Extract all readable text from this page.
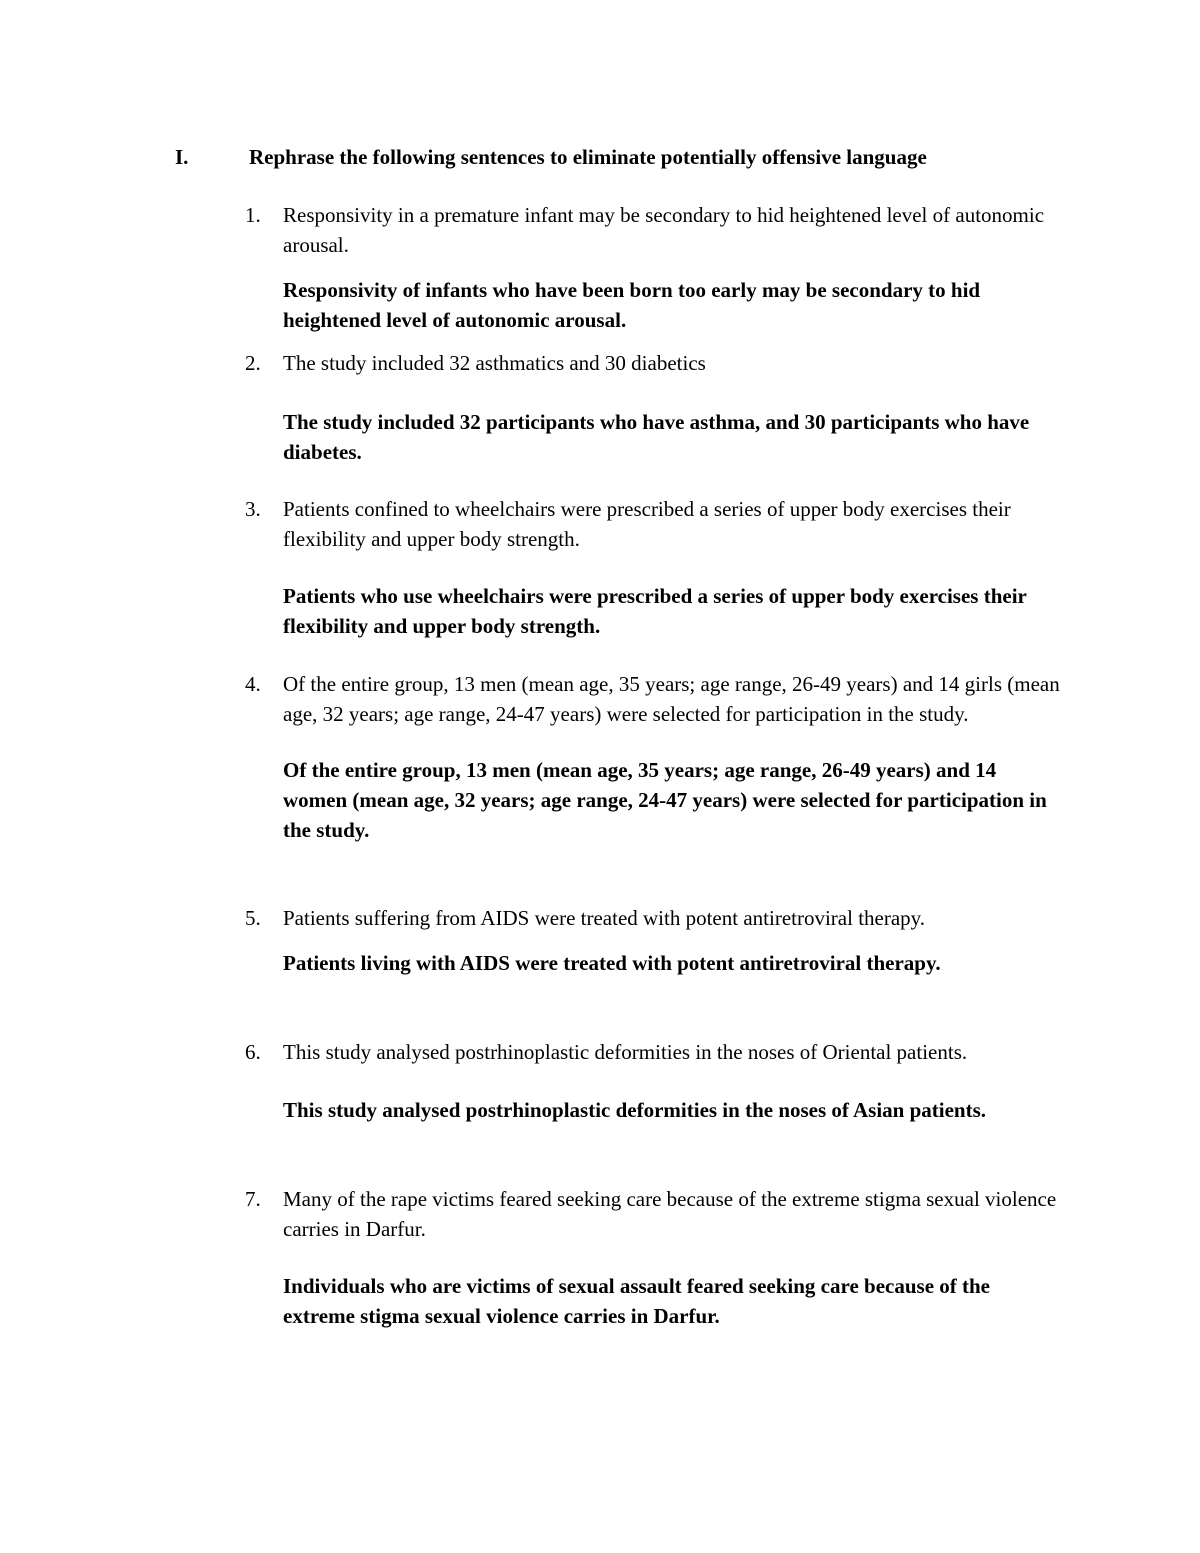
I.	Rephrase the following sentences to eliminate potentially offensive language
1.	Responsivity in a premature infant may be secondary to hid heightened level of autonomic arousal.
Responsivity of infants who have been born too early may be secondary to hid heightened level of autonomic arousal.
2.	The study included 32 asthmatics and 30 diabetics
The study included 32 participants who have asthma, and 30 participants who have diabetes.
3.	Patients confined to wheelchairs were prescribed a series of upper body exercises their flexibility and upper body strength.
Patients who use wheelchairs were prescribed a series of upper body exercises their flexibility and upper body strength.
4.	Of the entire group, 13 men (mean age, 35 years; age range, 26-49 years) and 14 girls (mean age, 32 years; age range, 24-47 years) were selected for participation in the study.
Of the entire group, 13 men (mean age, 35 years; age range, 26-49 years) and 14 women (mean age, 32 years; age range, 24-47 years) were selected for participation in the study.
5.	Patients suffering from AIDS were treated with potent antiretroviral therapy.
Patients living with AIDS were treated with potent antiretroviral therapy.
6.	This study analysed postrhinoplastic deformities in the noses of Oriental patients.
This study analysed postrhinoplastic deformities in the noses of Asian patients.
7.	Many of the rape victims feared seeking care because of the extreme stigma sexual violence carries in Darfur.
Individuals who are victims of sexual assault feared seeking care because of the extreme stigma sexual violence carries in Darfur.
